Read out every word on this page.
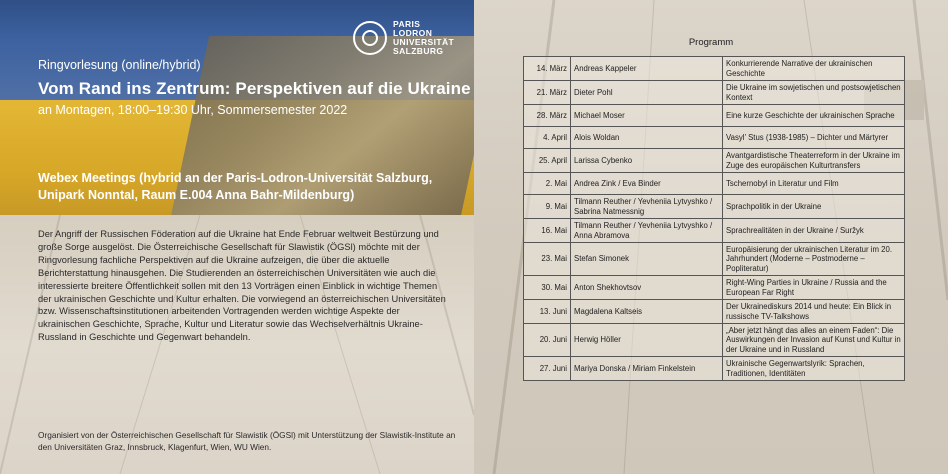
PARIS
LODRON
UNIVERSITÄT
SALZBURG
Ringvorlesung (online/hybrid)
Vom Rand ins Zentrum: Perspektiven auf die Ukraine
an Montagen, 18:00–19:30 Uhr, Sommersemester 2022
Webex Meetings (hybrid an der Paris-Lodron-Universität Salzburg,
Unipark Nonntal, Raum E.004 Anna Bahr-Mildenburg)
Der Angriff der Russischen Föderation auf die Ukraine hat Ende Februar weltweit Bestürzung und große Sorge ausgelöst. Die Österreichische Gesellschaft für Slawistik (ÖGSl) möchte mit der Ringvorlesung fachliche Perspektiven auf die Ukraine aufzeigen, die über die aktuelle Berichterstattung hinausgehen. Die Studierenden an österreichischen Universitäten wie auch die interessierte breitere Öffentlichkeit sollen mit den 13 Vorträgen einen Einblick in wichtige Themen der ukrainischen Geschichte und Kultur erhalten. Die vorwiegend an österreichischen Universitäten bzw. Wissenschaftsinstitutionen arbeitenden Vortragenden werden wichtige Aspekte der ukrainischen Geschichte, Sprache, Kultur und Literatur sowie das Wechselverhältnis Ukraine-Russland in Geschichte und Gegenwart behandeln.
Organisiert von der Österreichischen Gesellschaft für Slawistik (ÖGSl) mit Unterstützung der Slawistik-Institute an den Universitäten Graz, Innsbruck, Klagenfurt, Wien, WU Wien.
Programm
14. März	Andreas Kappeler	Konkurrierende Narrative der ukrainischen Geschichte
21. März	Dieter Pohl	Die Ukraine im sowjetischen und postsowjetischen Kontext
28. März	Michael Moser	Eine kurze Geschichte der ukrainischen Sprache
4. April	Alois Woldan	Vasyl’ Stus (1938-1985) – Dichter und Märtyrer
25. April	Larissa Cybenko	Avantgardistische Theaterreform in der Ukraine im Zuge des europäischen Kulturtransfers
2. Mai	Andrea Zink / Eva Binder	Tschernobyl in Literatur und Film
9. Mai	Tilmann Reuther / Yevheniia Lytvyshko / Sabrina Natmessnig	Sprachpolitik in der Ukraine
16. Mai	Tilmann Reuther / Yevheniia Lytvyshko / Anna Abramova	Sprachrealitäten in der Ukraine / Suržyk
23. Mai	Stefan Simonek	Europäisierung der ukrainischen Literatur im 20. Jahrhundert (Moderne – Postmoderne – Popliteratur)
30. Mai	Anton Shekhovtsov	Right-Wing Parties in Ukraine / Russia and the European Far Right
13. Juni	Magdalena Kaltseis	Der Ukrainediskurs 2014 und heute: Ein Blick in russische TV-Talkshows
20. Juni	Herwig Höller	„Aber jetzt hängt das alles an einem Faden“: Die Auswirkungen der Invasion auf Kunst und Kultur in der Ukraine und in Russland
27. Juni	Mariya Donska / Miriam Finkelstein	Ukrainische Gegenwartslyrik: Sprachen, Traditionen, Identitäten
